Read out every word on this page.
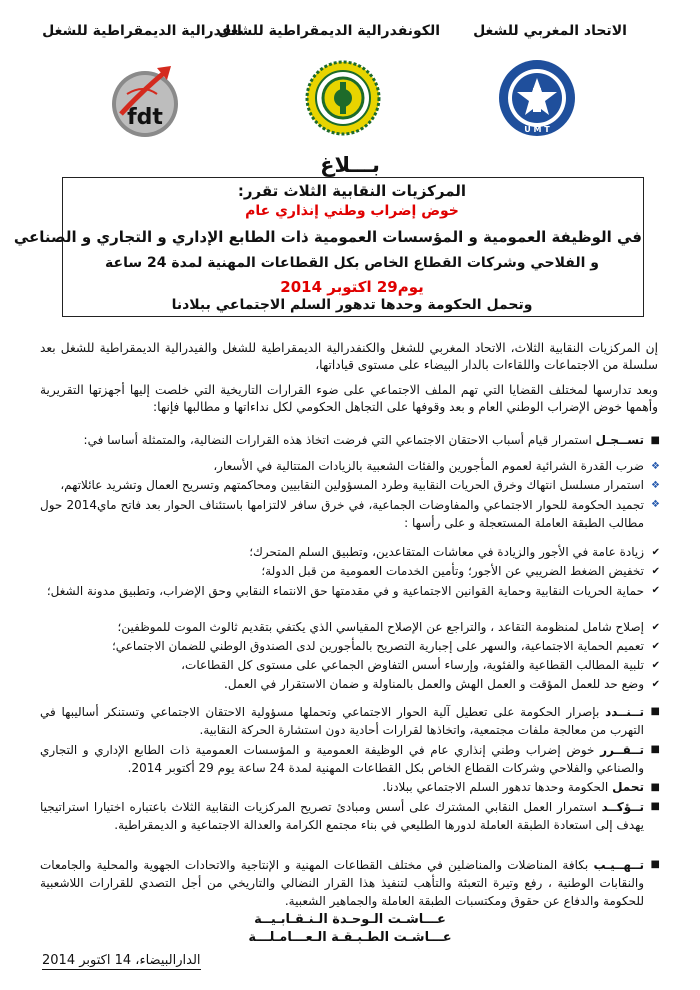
الاتحاد المغربي للشغل
الكونفدرالية الديمقراطية للشغل
الفدرالية الديمقراطية للشغل
U M T
fdt
بـــلاغ
المركزيات النقابية الثلاث تقرر:
خوض إضراب وطني إنذاري عام
في الوظيفة العمومية و المؤسسات العمومية ذات الطابع الإداري و التجاري و الصناعي
و الفلاحي وشركات القطاع الخاص بكل القطاعات المهنية لمدة 24 ساعة
يوم29 اكتوبر 2014
وتحمل الحكومة وحدها تدهور السلم الاجتماعي ببلادنا
إن المركزيات النقابية الثلاث، الاتحاد المغربي للشغل والكنفدرالية الديمقراطية للشغل والفيدرالية الديمقراطية للشغل بعد سلسلة من الاجتماعات واللقاءات بالدار البيضاء على مستوى قياداتها،
وبعد تدارسها لمختلف القضايا التي تهم الملف الاجتماعي على ضوء القرارات التاريخية التي خلصت إليها أجهزتها التقريرية وأهمها خوض الإضراب الوطني العام و بعد وقوفها على التجاهل الحكومي لكل نداءاتها و مطالبها فإنها:
■
تســجـل استمرار قيام أسباب الاحتقان الاجتماعي التي فرضت اتخاذ هذه القرارات النضالية، والمتمثلة أساسا في:
❖
ضرب القدرة الشرائية لعموم المأجورين والفئات الشعبية بالزيادات المتتالية في الأسعار،
❖
استمرار مسلسل انتهاك وخرق الحريات النقابية وطرد المسؤولين النقابيين ومحاكمتهم وتسريح العمال وتشريد عائلاتهم،
❖
تجميد الحكومة للحوار الاجتماعي والمفاوضات الجماعية، في خرق سافر لالتزامها باستئناف الحوار بعد فاتح ماي2014 حول مطالب الطبقة العاملة المستعجلة و على رأسها :
✔
زيادة عامة في الأجور والزيادة في معاشات المتقاعدين، وتطبيق السلم المتحرك؛
✔
تخفيض الضغط الضريبي عن الأجور؛ وتأمين الخدمات العمومية من قبل الدولة؛
✔
حماية الحريات النقابية وحماية القوانين الاجتماعية و في مقدمتها حق الانتماء النقابي وحق الإضراب، وتطبيق مدونة الشغل؛
✔
إصلاح شامل لمنظومة التقاعد ، والتراجع عن الإصلاح المقياسي الذي يكتفي بتقديم ثالوث الموت للموظفين؛
✔
تعميم الحماية الاجتماعية، والسهر على إجبارية التصريح بالمأجورين لدى الصندوق الوطني للضمان الاجتماعي؛
✔
تلبية المطالب القطاعية والفئوية، وإرساء أسس التفاوض الجماعي على مستوى كل القطاعات،
✔
وضع حد للعمل المؤقت و العمل الهش والعمل بالمناولة و ضمان الاستقرار في العمل.
■
تــنــدد بإصرار الحكومة على تعطيل آلية الحوار الاجتماعي وتحملها مسؤولية الاحتقان الاجتماعي وتستنكر أساليبها في التهرب من معالجة ملفات مجتمعية، واتخاذها لقرارات أحادية دون استشارة الحركة النقابية.
■
تــقــرر خوض إضراب وطني إنذاري عام في الوظيفة العمومية و المؤسسات العمومية ذات الطابع الإداري و التجاري والصناعي والفلاحي وشركات القطاع الخاص بكل القطاعات المهنية لمدة 24 ساعة يوم 29 أكتوبر 2014.
■
تحمل الحكومة وحدها تدهور السلم الاجتماعي ببلادنا.
■
تــؤكــد استمرار العمل النقابي المشترك على أسس ومبادئ تصريح المركزيات النقابية الثلاث باعتباره اختيارا استراتيجيا يهدف إلى استعادة الطبقة العاملة لدورها الطليعي في بناء مجتمع الكرامة والعدالة الاجتماعية و الديمقراطية.
■
تــهــيـب بكافة المناضلات والمناضلين في مختلف القطاعات المهنية و الإنتاجية والاتحادات الجهوية والمحلية والجامعات والنقابات الوطنية ، رفع وتيرة التعبئة والتأهب لتنفيذ هذا القرار النضالي والتاريخي من أجل التصدي للقرارات اللاشعبية للحكومة والدفاع عن حقوق ومكتسبات الطبقة العاملة والجماهير الشعبية.
عـــاشـت الـوحـدة الـنـقـابـيــة
عـــاشـت الطـبـقـة الـعـــامـلـــة
الدارالبيضاء، 14 اكتوبر 2014
